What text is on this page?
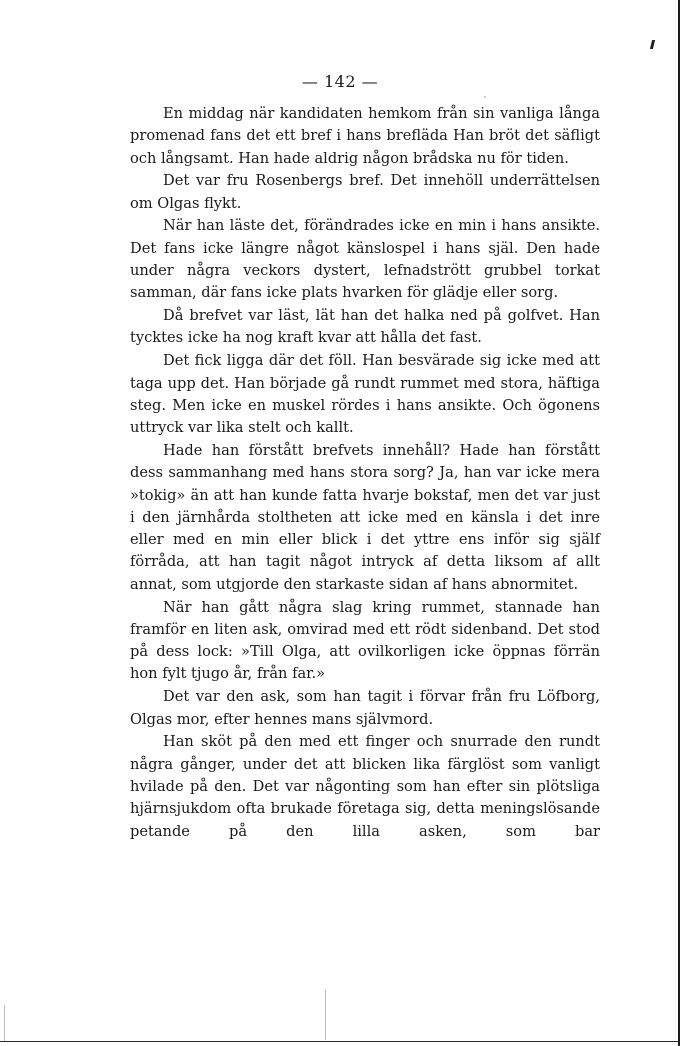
— 142 —

En middag när kandidaten hemkom från sin vanliga långa promenad fans det ett bref i hans brefläda Han bröt det säfligt och långsamt. Han hade aldrig någon brådska nu för tiden.

Det var fru Rosenbergs bref. Det innehöll underrättelsen om Olgas flykt.

När han läste det, förändrades icke en min i hans ansikte. Det fans icke längre något känslospel i hans själ. Den hade under några veckors dystert, lefnadstrött grubbel torkat samman, där fans icke plats hvarken för glädje eller sorg.

Då brefvet var läst, lät han det halka ned på golfvet. Han tycktes icke ha nog kraft kvar att hålla det fast.

Det fick ligga där det föll. Han besvärade sig icke med att taga upp det. Han började gå rundt rummet med stora, häftiga steg. Men icke en muskel rördes i hans ansikte. Och ögonens uttryck var lika stelt och kallt.

Hade han förstått brefvets innehåll? Hade han förstått dess sammanhang med hans stora sorg? Ja, han var icke mera »tokig» än att han kunde fatta hvarje bokstaf, men det var just i den järnhårda stoltheten att icke med en känsla i det inre eller med en min eller blick i det yttre ens inför sig själf förråda, att han tagit något intryck af detta liksom af allt annat, som utgjorde den starkaste sidan af hans abnormitet.

När han gått några slag kring rummet, stannade han framför en liten ask, omvirad med ett rödt sidenband. Det stod på dess lock: »Till Olga, att ovilkorligen icke öppnas förrän hon fylt tjugo år, från far.»

Det var den ask, som han tagit i förvar från fru Löfborg, Olgas mor, efter hennes mans självmord.

Han sköt på den med ett finger och snurrade den rundt några gånger, under det att blicken lika färglöst som vanligt hvilade på den. Det var någonting som han efter sin plötsliga hjärnsjukdom ofta brukade företaga sig, detta meningslösande petande på den lilla asken, som bar
